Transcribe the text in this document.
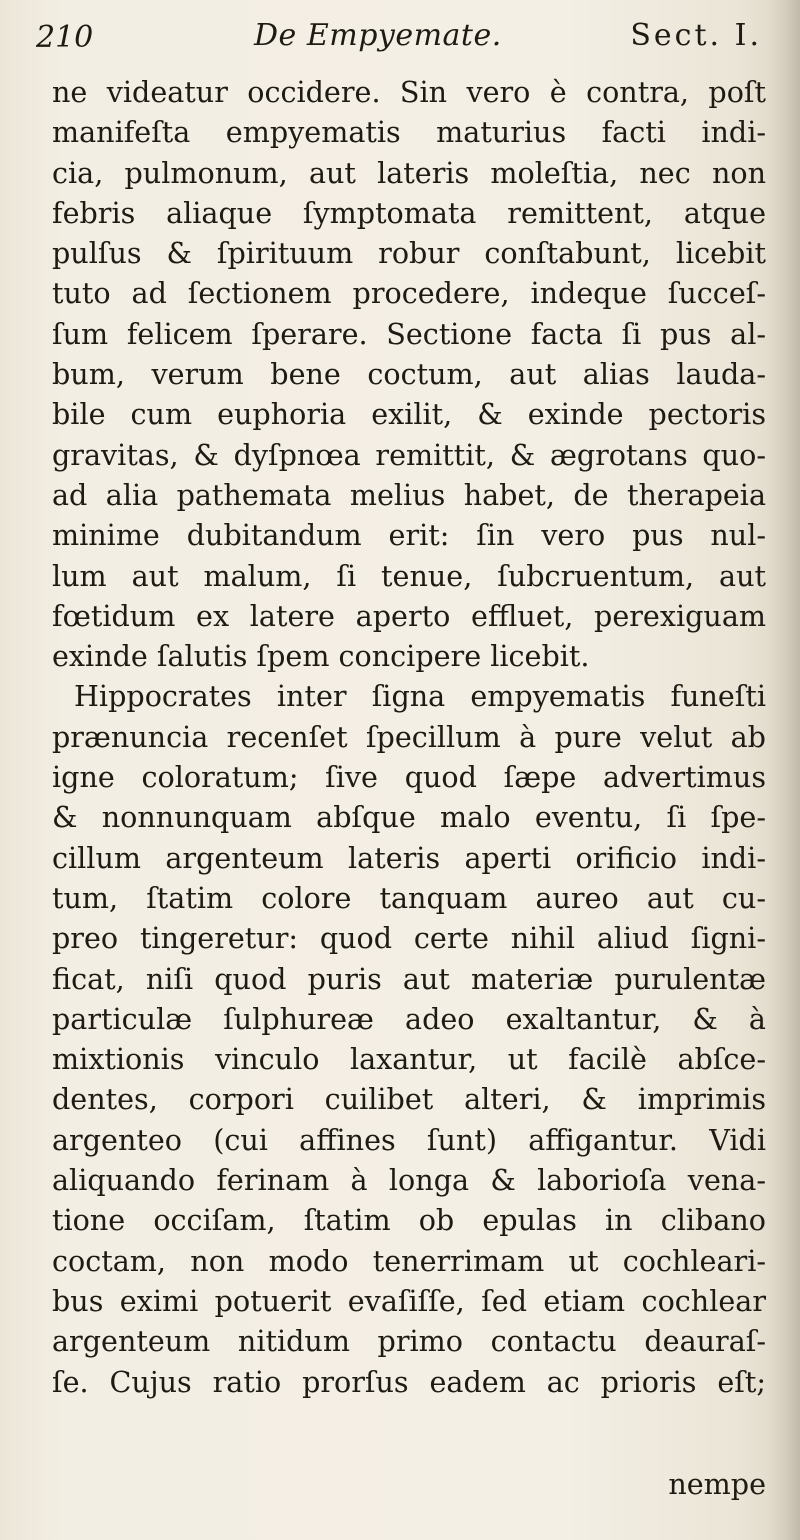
210	De Empyemate.	Sect. I.
ne videatur occidere. Sin vero è contra, poſt
manifeſta empyematis maturius facti indi-
cia, pulmonum, aut lateris moleſtia, nec non
febris aliaque ſymptomata remittent, atque
pulſus & ſpirituum robur conſtabunt, licebit
tuto ad ſectionem procedere, indeque ſucceſ-
ſum felicem ſperare. Sectione facta ſi pus al-
bum, verum bene coctum, aut alias lauda-
bile cum euphoria exilit, & exinde pectoris
gravitas, & dyſpnœa remittit, & ægrotans quo-
ad alia pathemata melius habet, de therapeia
minime dubitandum erit: ſin vero pus nul-
lum aut malum, ſi tenue, ſubcruentum, aut
fœtidum ex latere aperto effluet, perexiguam
exinde ſalutis ſpem concipere licebit.
Hippocrates inter ſigna empyematis funeſti
prænuncia recenſet ſpecillum à pure velut ab
igne coloratum; ſive quod ſæpe advertimus
& nonnunquam abſque malo eventu, ſi ſpe-
cillum argenteum lateris aperti orificio indi-
tum, ſtatim colore tanquam aureo aut cu-
preo tingeretur: quod certe nihil aliud ſigni-
ficat, niſi quod puris aut materiæ purulentæ
particulæ ſulphureæ adeo exaltantur, & à
mixtionis vinculo laxantur, ut facilè abſce-
dentes, corpori cuilibet alteri, & imprimis
argenteo (cui affines ſunt) affigantur. Vidi
aliquando ferinam à longa & laborioſa vena-
tione occiſam, ſtatim ob epulas in clibano
coctam, non modo tenerrimam ut cochleari-
bus eximi potuerit evaſiſſe, ſed etiam cochlear
argenteum nitidum primo contactu deauraſ-
ſe. Cujus ratio prorſus eadem ac prioris eſt;
nempe
